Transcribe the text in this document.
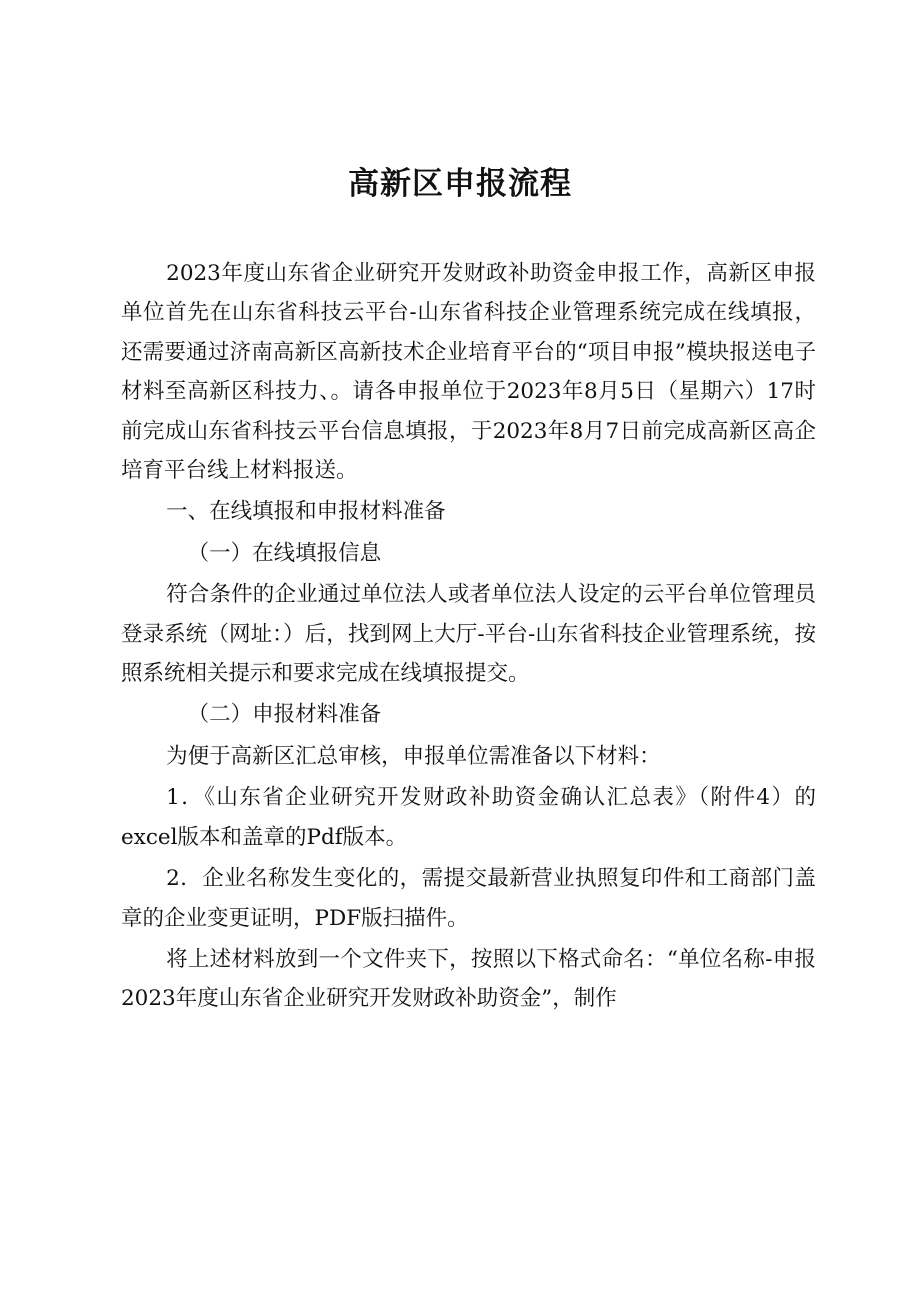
高新区申报流程

2023年度山东省企业研究开发财政补助资金申报工作，高新区申报单位首先在山东省科技云平台-山东省科技企业管理系统完成在线填报，还需要通过济南高新区高新技术企业培育平台的“项目申报”模块报送电子材料至高新区科技力、。请各申报单位于2023年8月5日（星期六）17时前完成山东省科技云平台信息填报，于2023年8月7日前完成高新区高企培育平台线上材料报送。

一、在线填报和申报材料准备

（一）在线填报信息

符合条件的企业通过单位法人或者单位法人设定的云平台单位管理员登录系统（网址：）后，找到网上大厅-平台-山东省科技企业管理系统，按照系统相关提示和要求完成在线填报提交。

（二）申报材料准备

为便于高新区汇总审核，申报单位需准备以下材料：

1．《山东省企业研究开发财政补助资金确认汇总表》（附件4）的excel版本和盖章的Pdf版本。

2．企业名称发生变化的，需提交最新营业执照复印件和工商部门盖章的企业变更证明，PDF版扫描件。

将上述材料放到一个文件夹下，按照以下格式命名：“单位名称-申报2023年度山东省企业研究开发财政补助资金”，制作
